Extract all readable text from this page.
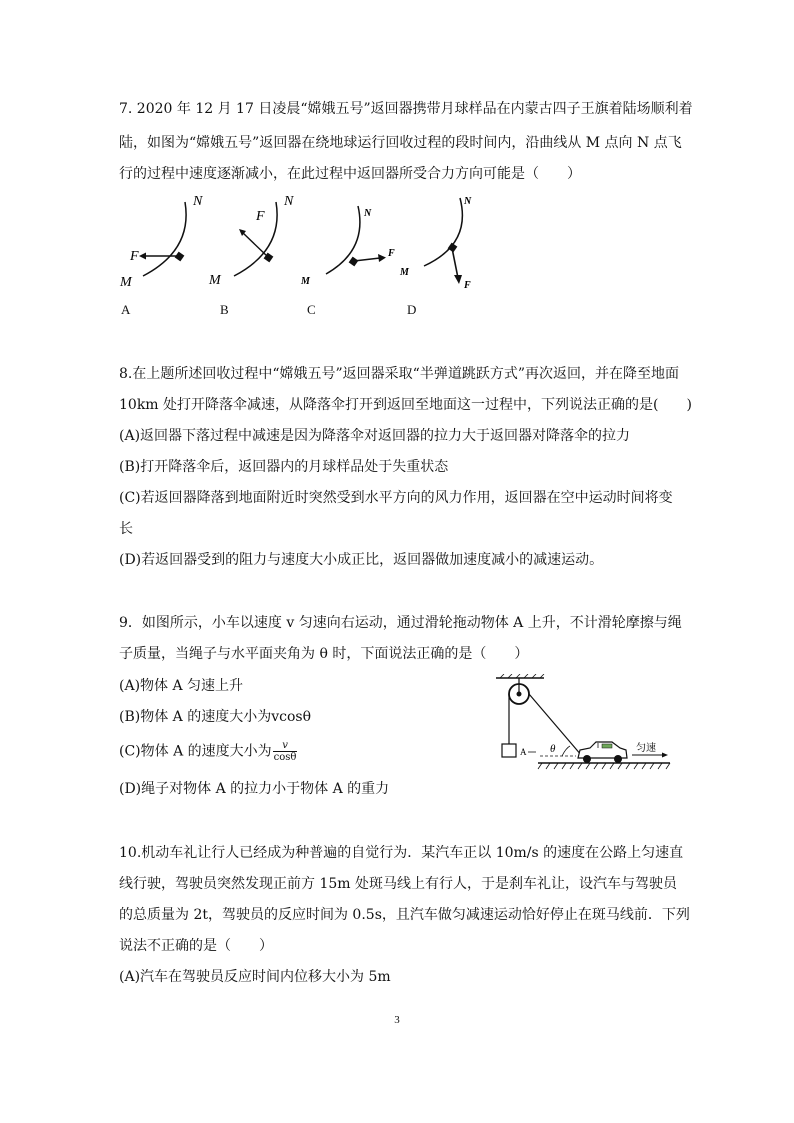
7. 2020 年 12 月 17 日凌晨“嫦娥五号”返回器携带月球样品在内蒙古四子王旗着陆场顺利着
陆，如图为“嫦娥五号”返回器在绕地球运行回收过程的段时间内，沿曲线从 M 点向 N 点飞
行的过程中速度逐渐减小，在此过程中返回器所受合力方向可能是（　　）
N
F
M
N
F
M
N
F
M
N
F
M
A	B	C	D
8.在上题所述回收过程中“嫦娥五号”返回器采取“半弹道跳跃方式”再次返回，并在降至地面
10km 处打开降落伞减速，从降落伞打开到返回至地面这一过程中，下列说法正确的是(　　)
(A)返回器下落过程中减速是因为降落伞对返回器的拉力大于返回器对降落伞的拉力
(B)打开降落伞后，返回器内的月球样品处于失重状态
(C)若返回器降落到地面附近时突然受到水平方向的风力作用，返回器在空中运动时间将变
长
(D)若返回器受到的阻力与速度大小成正比，返回器做加速度减小的减速运动。
9．如图所示，小车以速度 v 匀速向右运动，通过滑轮拖动物体 A 上升，不计滑轮摩擦与绳
子质量，当绳子与水平面夹角为 θ 时，下面说法正确的是（　　）
(A)物体 A 匀速上升
(B)物体 A 的速度大小为vcosθ
(C)物体 A 的速度大小为 $\frac{v}{\cos\theta}$
(D)绳子对物体 A 的拉力小于物体 A 的重力
A θ	匀速
10.机动车礼让行人已经成为种普遍的自觉行为．某汽车正以 10m/s 的速度在公路上匀速直
线行驶，驾驶员突然发现正前方 15m 处斑马线上有行人，于是刹车礼让，设汽车与驾驶员
的总质量为 2t，驾驶员的反应时间为 0.5s，且汽车做匀减速运动恰好停止在斑马线前．下列
说法不正确的是（　　）
(A)汽车在驾驶员反应时间内位移大小为 5m
3
